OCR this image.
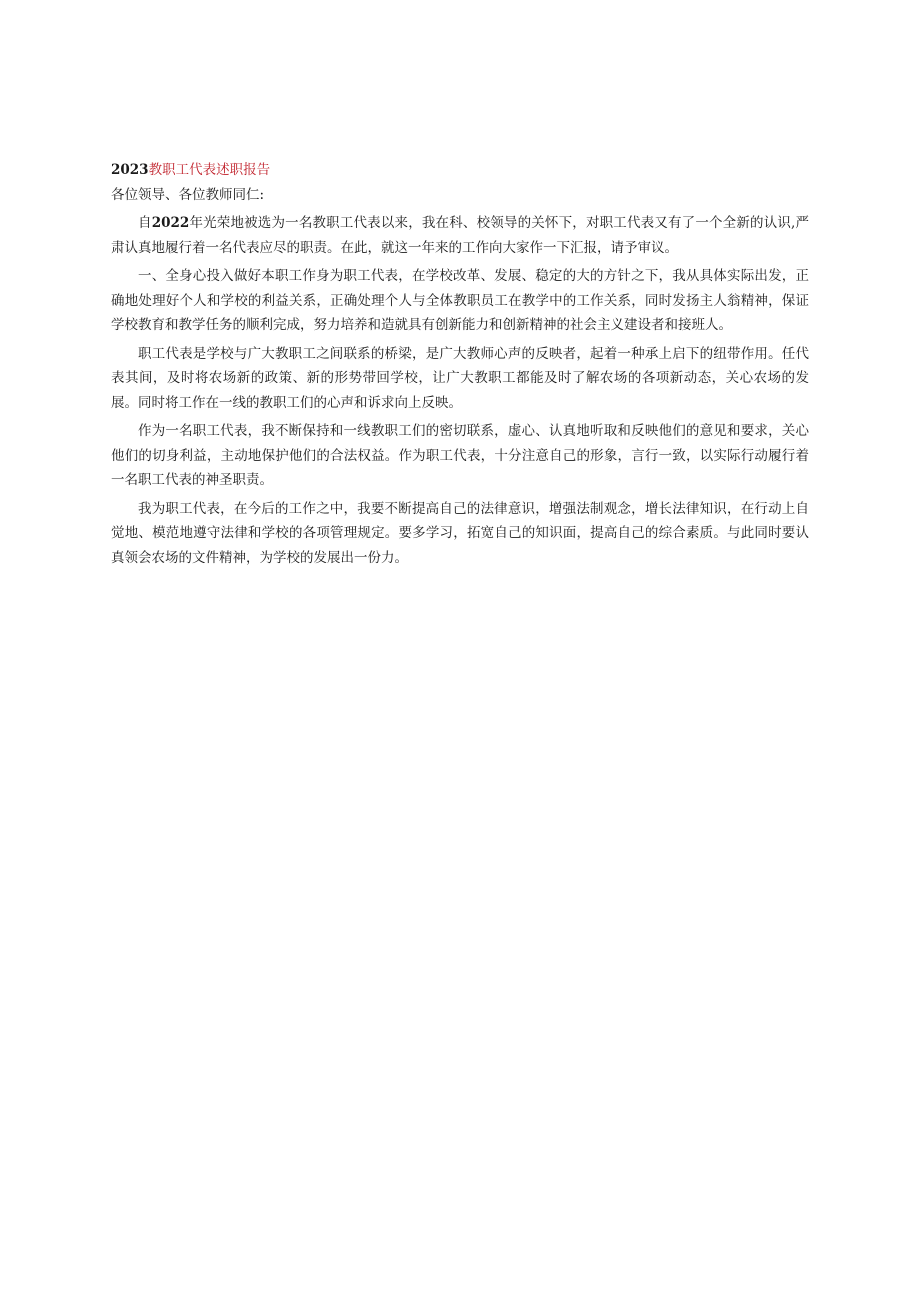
2023教职工代表述职报告

各位领导、各位教师同仁:

自2022年光荣地被选为一名教职工代表以来，我在科、校领导的关怀下，对职工代表又有了一个全新的认识,严肃认真地履行着一名代表应尽的职责。在此，就这一年来的工作向大家作一下汇报，请予审议。

一、全身心投入做好本职工作身为职工代表，在学校改革、发展、稳定的大的方针之下，我从具体实际出发，正确地处理好个人和学校的利益关系，正确处理个人与全体教职员工在教学中的工作关系，同时发扬主人翁精神，保证学校教育和教学任务的顺利完成，努力培养和造就具有创新能力和创新精神的社会主义建设者和接班人。

职工代表是学校与广大教职工之间联系的桥梁，是广大教师心声的反映者，起着一种承上启下的纽带作用。任代表其间，及时将农场新的政策、新的形势带回学校，让广大教职工都能及时了解农场的各项新动态，关心农场的发展。同时将工作在一线的教职工们的心声和诉求向上反映。

作为一名职工代表，我不断保持和一线教职工们的密切联系，虚心、认真地听取和反映他们的意见和要求，关心他们的切身利益，主动地保护他们的合法权益。作为职工代表，十分注意自己的形象，言行一致，以实际行动履行着一名职工代表的神圣职责。

我为职工代表，在今后的工作之中，我要不断提高自己的法律意识，增强法制观念，增长法律知识，在行动上自觉地、模范地遵守法律和学校的各项管理规定。要多学习，拓宽自己的知识面，提高自己的综合素质。与此同时要认真领会农场的文件精神，为学校的发展出一份力。
